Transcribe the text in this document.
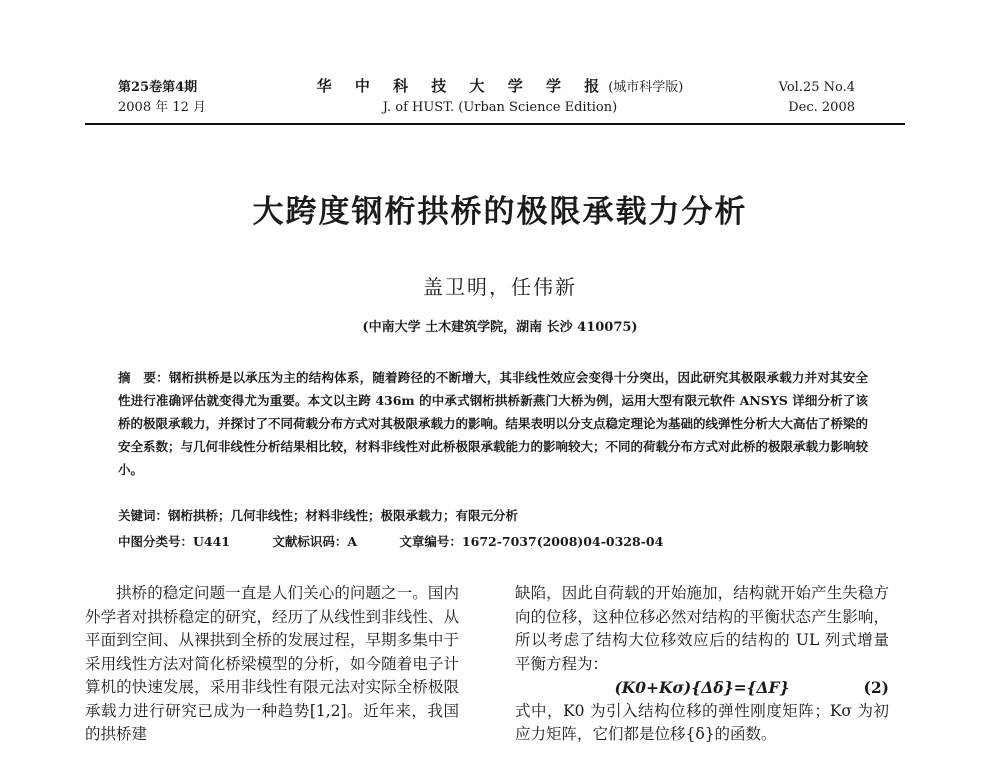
第25卷第4期
2008 年 12 月
华 中 科 技 大 学 学 报(城市科学版)
J. of HUST. (Urban Science Edition)
Vol.25 No.4
Dec. 2008
大跨度钢桁拱桥的极限承载力分析
盖卫明，任伟新
(中南大学 土木建筑学院，湖南 长沙 410075)
摘　要：钢桁拱桥是以承压为主的结构体系，随着跨径的不断增大，其非线性效应会变得十分突出，因此研究其极限承载力并对其安全性进行准确评估就变得尤为重要。本文以主跨 436m 的中承式钢桁拱桥新燕门大桥为例，运用大型有限元软件 ANSYS 详细分析了该桥的极限承载力，并探讨了不同荷载分布方式对其极限承载力的影响。结果表明以分支点稳定理论为基础的线弹性分析大大高估了桥梁的安全系数；与几何非线性分析结果相比较，材料非线性对此桥极限承载能力的影响较大；不同的荷载分布方式对此桥的极限承载力影响较小。
关键词：钢桁拱桥；几何非线性；材料非线性；极限承载力；有限元分析
中图分类号：U441	文献标识码：A	文章编号：1672-7037(2008)04-0328-04
拱桥的稳定问题一直是人们关心的问题之一。国内外学者对拱桥稳定的研究，经历了从线性到非线性、从平面到空间、从裸拱到全桥的发展过程，早期多集中于采用线性方法对简化桥梁模型的分析，如今随着电子计算机的快速发展，采用非线性有限元法对实际全桥极限承载力进行研究已成为一种趋势[1,2]。近年来，我国的拱桥建
缺陷，因此自荷载的开始施加，结构就开始产生失稳方向的位移，这种位移必然对结构的平衡状态产生影响，所以考虑了结构大位移效应后的结构的 UL 列式增量平衡方程为：
(K0+Kσ){Δδ}={ΔF}	(2)
式中，K0 为引入结构位移的弹性刚度矩阵；Kσ 为初应力矩阵，它们都是位移{δ}的函数。
